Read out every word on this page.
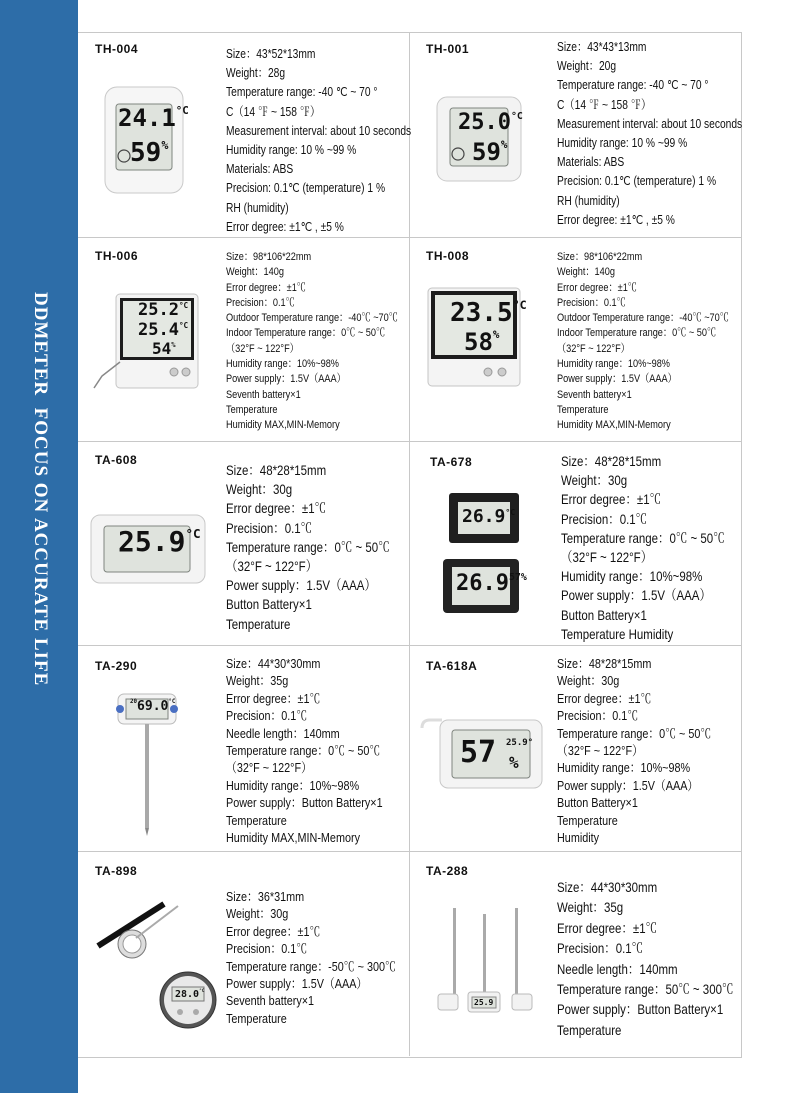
DDMETER  FOCUS ON ACCURATE LIFE
TH-004
$24.1^{^\circ C}$
59%
Size：43*52*13mm
Weight：28g
Temperature range: -40 ℃ ~ 70 °
C（14 ℉ ~ 158 ℉）
Measurement interval: about 10 seconds
Humidity range: 10 % ~99 %
Materials: ABS
Precision: 0.1℃ (temperature) 1 %
RH (humidity)
Error degree: ±1℃ , ±5 %
TH-001
$25.0^{^\circ C}$
59%
Size：43*43*13mm
Weight：20g
Temperature range: -40 ℃ ~ 70 °
C（14 ℉ ~ 158 ℉）
Measurement interval: about 10 seconds
Humidity range: 10 % ~99 %
Materials: ABS
Precision: 0.1℃ (temperature) 1 %
RH (humidity)
Error degree: ±1℃ , ±5 %
TH-006
$25.2^{^\circ C}$
$25.4^{^\circ C}$
54%
Size：98*106*22mm
Weight：140g
Error degree：±1℃
Precision：0.1℃
Outdoor Temperature range：-40℃ ~70℃
Indoor Temperature range：0℃ ~ 50℃
（32°F ~ 122°F）
Humidity range：10%~98%
Power supply：1.5V（AAA）
Seventh battery×1
Temperature
Humidity MAX,MIN-Memory
TH-008
$23.5^{^\circ C}$
58%
Size：98*106*22mm
Weight：140g
Error degree：±1℃
Precision：0.1℃
Outdoor Temperature range：-40℃ ~70℃
Indoor Temperature range：0℃ ~ 50℃
（32°F ~ 122°F）
Humidity range：10%~98%
Power supply：1.5V（AAA）
Seventh battery×1
Temperature
Humidity MAX,MIN-Memory
TA-608
$25.9^{^\circ C}$
Size：48*28*15mm
Weight：30g
Error degree：±1℃
Precision：0.1℃
Temperature range：0℃ ~ 50℃
（32°F ~ 122°F）
Power supply：1.5V（AAA）
Button Battery×1
Temperature
TA-678
$26.9^{^\circ C}$
$26.9^{57\%}$
Size：48*28*15mm
Weight：30g
Error degree：±1℃
Precision：0.1℃
Temperature range：0℃ ~ 50℃
（32°F ~ 122°F）
Humidity range：10%~98%
Power supply：1.5V（AAA）
Button Battery×1
Temperature Humidity
TA-290
$^{20}69.0^{^\circ C}$
Size：44*30*30mm
Weight：35g
Error degree：±1℃
Precision：0.1℃
Needle length：140mm
Temperature range：0℃ ~ 50℃
（32°F ~ 122°F）
Humidity range：10%~98%
Power supply：Button Battery×1
Temperature
Humidity MAX,MIN-Memory
TA-618A
57 25.9°
%
Size：48*28*15mm
Weight：30g
Error degree：±1℃
Precision：0.1℃
Temperature range：0℃ ~ 50℃
（32°F ~ 122°F）
Humidity range：10%~98%
Power supply：1.5V（AAA）
Button Battery×1
Temperature
Humidity
TA-898
$28.0^{^\circ C}$
Size：36*31mm
Weight：30g
Error degree：±1℃
Precision：0.1℃
Temperature range：-50℃ ~ 300℃
Power supply：1.5V（AAA）
Seventh battery×1
Temperature
TA-288
25.9
Size：44*30*30mm
Weight：35g
Error degree：±1℃
Precision：0.1℃
Needle length：140mm
Temperature range：50℃ ~ 300℃
Power supply：Button Battery×1
Temperature
